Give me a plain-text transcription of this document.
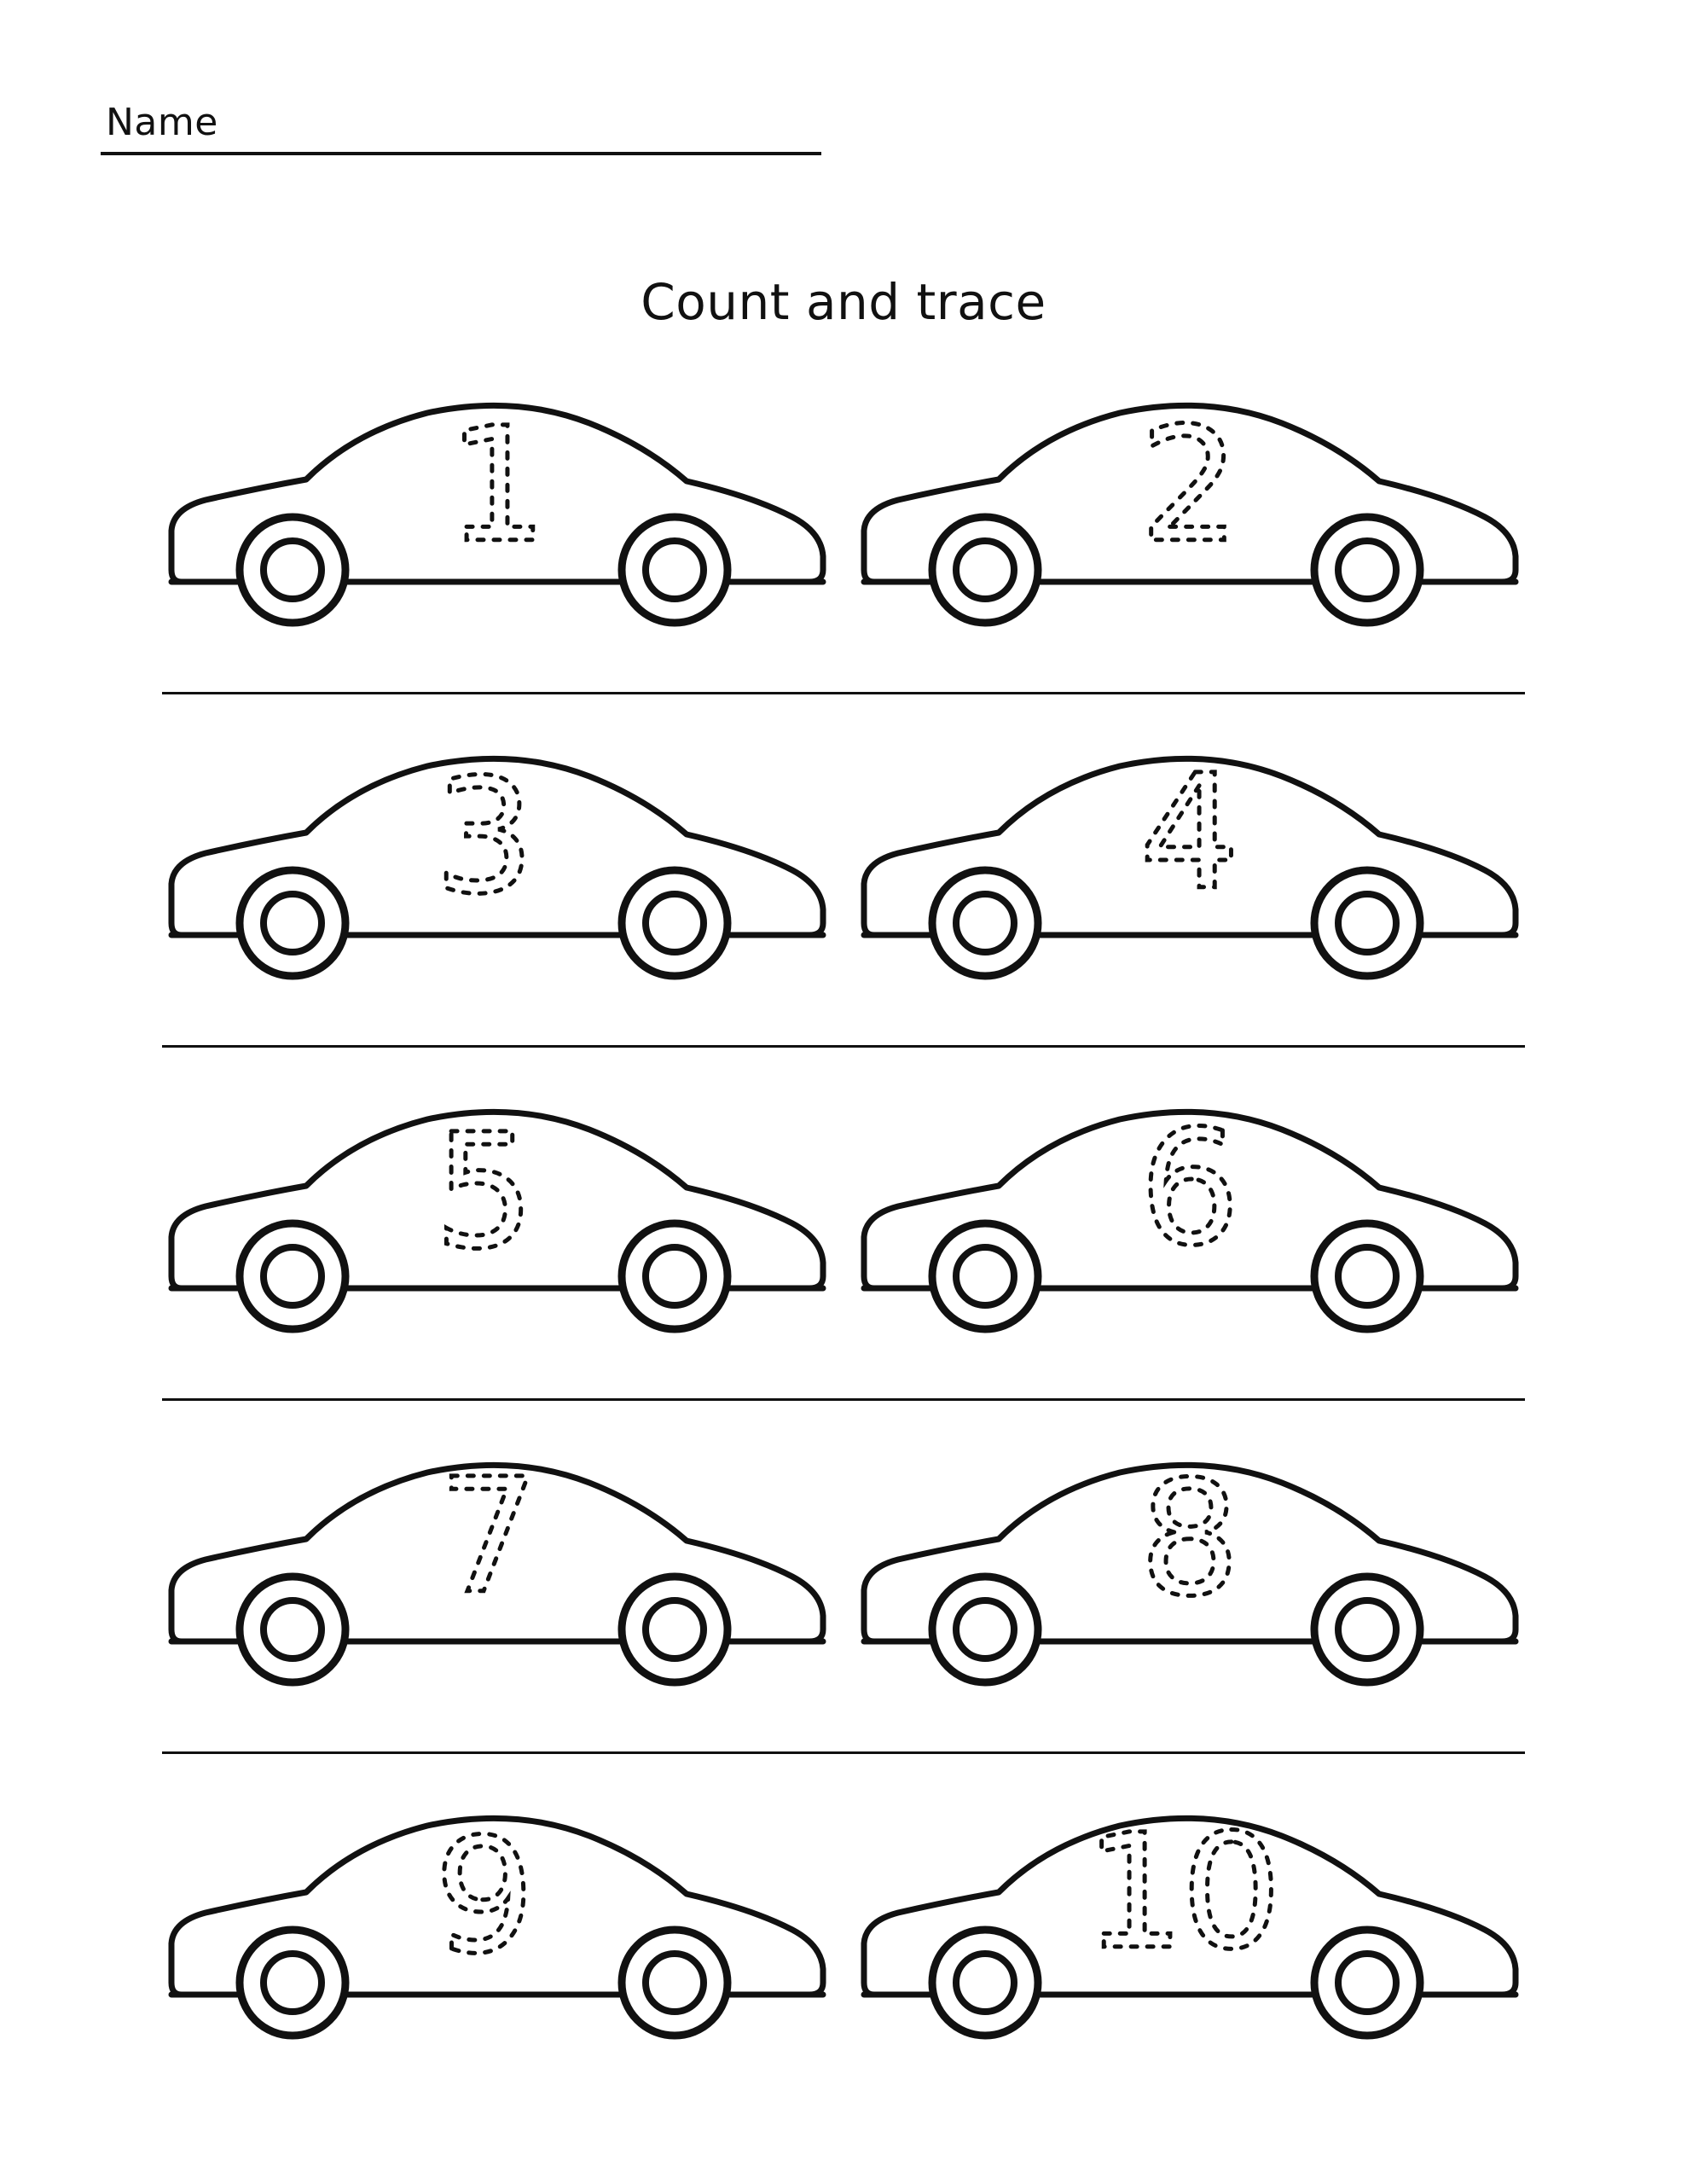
Name
Count and trace
1	2
3	4
5	6
7	8
9	10
